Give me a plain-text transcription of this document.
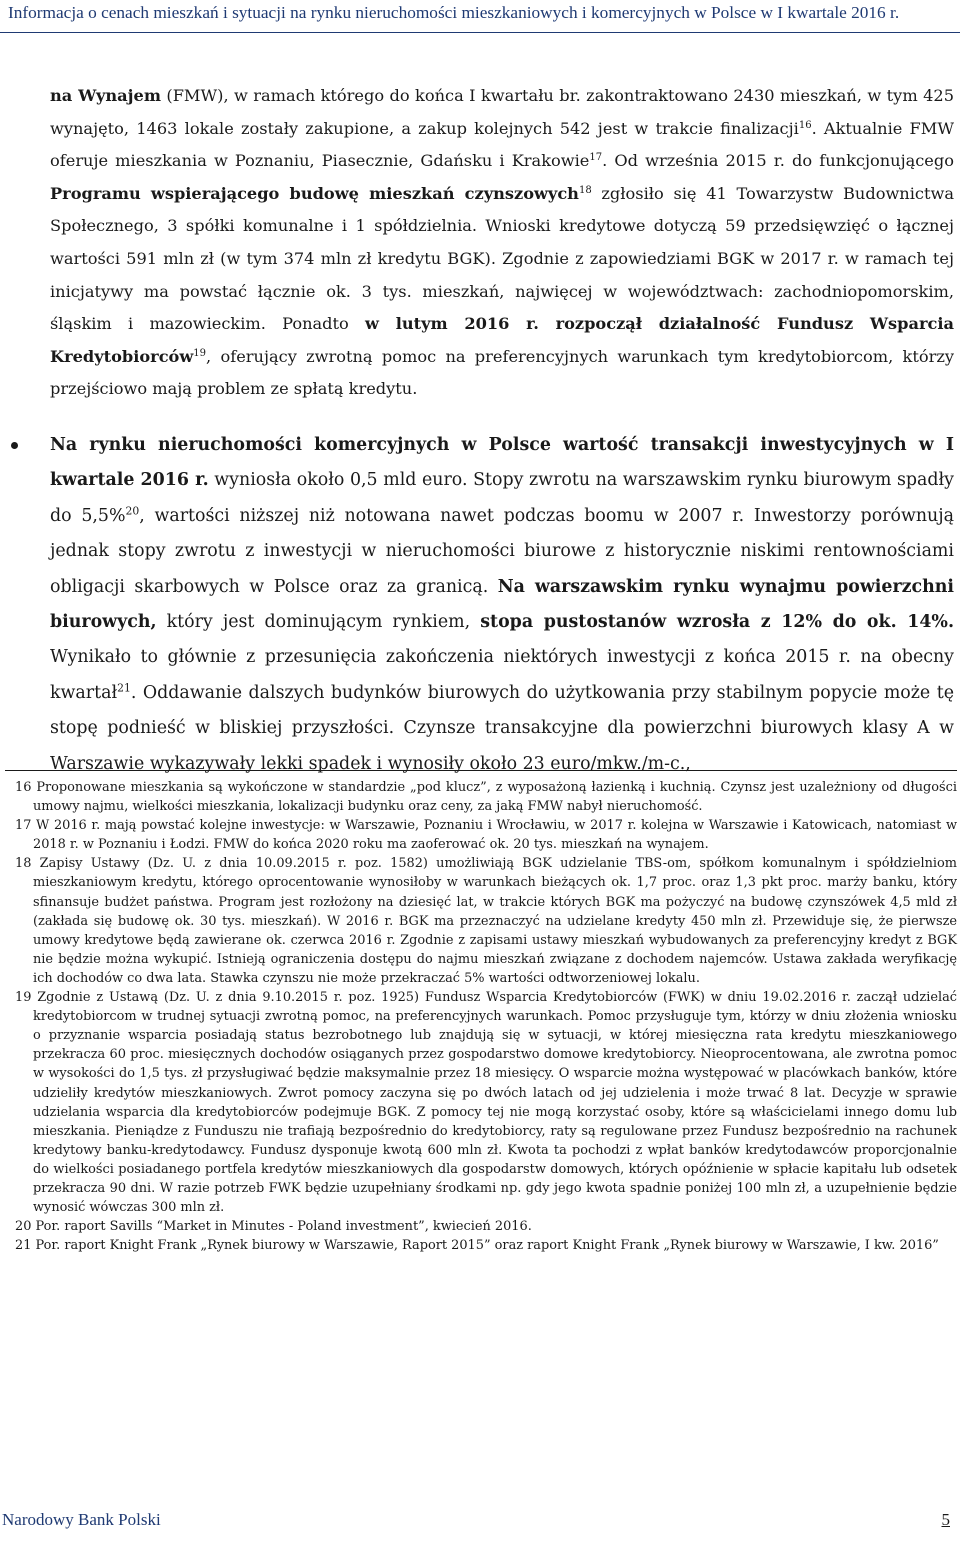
Informacja o cenach mieszkań i sytuacji na rynku nieruchomości mieszkaniowych i komercyjnych w Polsce w I kwartale 2016 r.

na Wynajem (FMW), w ramach którego do końca I kwartału br. zakontraktowano 2430 mieszkań, w tym 425 wynajęto, 1463 lokale zostały zakupione, a zakup kolejnych 542 jest w trakcie finalizacji$^{16}$. Aktualnie FMW oferuje mieszkania w Poznaniu, Piasecznie, Gdańsku i Krakowie$^{17}$. Od września 2015 r. do funkcjonującego Programu wspierającego budowę mieszkań czynszowych$^{18}$ zgłosiło się 41 Towarzystw Budownictwa Społecznego, 3 spółki komunalne i 1 spółdzielnia. Wnioski kredytowe dotyczą 59 przedsięwzięć o łącznej wartości 591 mln zł (w tym 374 mln zł kredytu BGK). Zgodnie z zapowiedziami BGK w 2017 r. w ramach tej inicjatywy ma powstać łącznie ok. 3 tys. mieszkań, najwięcej w województwach: zachodniopomorskim, śląskim i mazowieckim. Ponadto w lutym 2016 r. rozpoczął działalność Fundusz Wsparcia Kredytobiorców$^{19}$, oferujący zwrotną pomoc na preferencyjnych warunkach tym kredytobiorcom, którzy przejściowo mają problem ze spłatą kredytu.

Na rynku nieruchomości komercyjnych w Polsce wartość transakcji inwestycyjnych w I kwartale 2016 r. wyniosła około 0,5 mld euro. Stopy zwrotu na warszawskim rynku biurowym spadły do 5,5%$^{20}$, wartości niższej niż notowana nawet podczas boomu w 2007 r. Inwestorzy porównują jednak stopy zwrotu z inwestycji w nieruchomości biurowe z historycznie niskimi rentownościami obligacji skarbowych w Polsce oraz za granicą. Na warszawskim rynku wynajmu powierzchni biurowych, który jest dominującym rynkiem, stopa pustostanów wzrosła z 12% do ok. 14%. Wynikało to głównie z przesunięcia zakończenia niektórych inwestycji z końca 2015 r. na obecny kwartał$^{21}$. Oddawanie dalszych budynków biurowych do użytkowania przy stabilnym popycie może tę stopę podnieść w bliskiej przyszłości. Czynsze transakcyjne dla powierzchni biurowych klasy A w Warszawie wykazywały lekki spadek i wynosiły około 23 euro/mkw./m-c.,

16 Proponowane mieszkania są wykończone w standardzie „pod klucz”, z wyposażoną łazienką i kuchnią. Czynsz jest uzależniony od długości umowy najmu, wielkości mieszkania, lokalizacji budynku oraz ceny, za jaką FMW nabył nieruchomość.

17 W 2016 r. mają powstać kolejne inwestycje: w Warszawie, Poznaniu i Wrocławiu, w 2017 r. kolejna w Warszawie i Katowicach, natomiast w 2018 r. w Poznaniu i Łodzi. FMW do końca 2020 roku ma zaoferować ok. 20 tys. mieszkań na wynajem.

18 Zapisy Ustawy (Dz. U. z dnia 10.09.2015 r. poz. 1582) umożliwiają BGK udzielanie TBS-om, spółkom komunalnym i spółdzielniom mieszkaniowym kredytu, którego oprocentowanie wynosiłoby w warunkach bieżących ok. 1,7 proc. oraz 1,3 pkt proc. marży banku, który sfinansuje budżet państwa. Program jest rozłożony na dziesięć lat, w trakcie których BGK ma pożyczyć na budowę czynszówek 4,5 mld zł (zakłada się budowę ok. 30 tys. mieszkań). W 2016 r. BGK ma przeznaczyć na udzielane kredyty 450 mln zł. Przewiduje się, że pierwsze umowy kredytowe będą zawierane ok. czerwca 2016 r. Zgodnie z zapisami ustawy mieszkań wybudowanych za preferencyjny kredyt z BGK nie będzie można wykupić. Istnieją ograniczenia dostępu do najmu mieszkań związane z dochodem najemców. Ustawa zakłada weryfikację ich dochodów co dwa lata. Stawka czynszu nie może przekraczać 5% wartości odtworzeniowej lokalu.

19 Zgodnie z Ustawą (Dz. U. z dnia 9.10.2015 r. poz. 1925) Fundusz Wsparcia Kredytobiorców (FWK) w dniu 19.02.2016 r. zaczął udzielać kredytobiorcom w trudnej sytuacji zwrotną pomoc, na preferencyjnych warunkach. Pomoc przysługuje tym, którzy w dniu złożenia wniosku o przyznanie wsparcia posiadają status bezrobotnego lub znajdują się w sytuacji, w której miesięczna rata kredytu mieszkaniowego przekracza 60 proc. miesięcznych dochodów osiąganych przez gospodarstwo domowe kredytobiorcy. Nieoprocentowana, ale zwrotna pomoc w wysokości do 1,5 tys. zł przysługiwać będzie maksymalnie przez 18 miesięcy. O wsparcie można występować w placówkach banków, które udzieliły kredytów mieszkaniowych. Zwrot pomocy zaczyna się po dwóch latach od jej udzielenia i może trwać 8 lat. Decyzje w sprawie udzielania wsparcia dla kredytobiorców podejmuje BGK. Z pomocy tej nie mogą korzystać osoby, które są właścicielami innego domu lub mieszkania. Pieniądze z Funduszu nie trafiają bezpośrednio do kredytobiorcy, raty są regulowane przez Fundusz bezpośrednio na rachunek kredytowy banku-kredytodawcy. Fundusz dysponuje kwotą 600 mln zł. Kwota ta pochodzi z wpłat banków kredytodawców proporcjonalnie do wielkości posiadanego portfela kredytów mieszkaniowych dla gospodarstw domowych, których opóźnienie w spłacie kapitału lub odsetek przekracza 90 dni. W razie potrzeb FWK będzie uzupełniany środkami np. gdy jego kwota spadnie poniżej 100 mln zł, a uzupełnienie będzie wynosić wówczas 300 mln zł.

20 Por. raport Savills “Market in Minutes - Poland investment”, kwiecień 2016.

21 Por. raport Knight Frank „Rynek biurowy w Warszawie, Raport 2015” oraz raport Knight Frank „Rynek biurowy w Warszawie, I kw. 2016”

Narodowy Bank Polski	5
